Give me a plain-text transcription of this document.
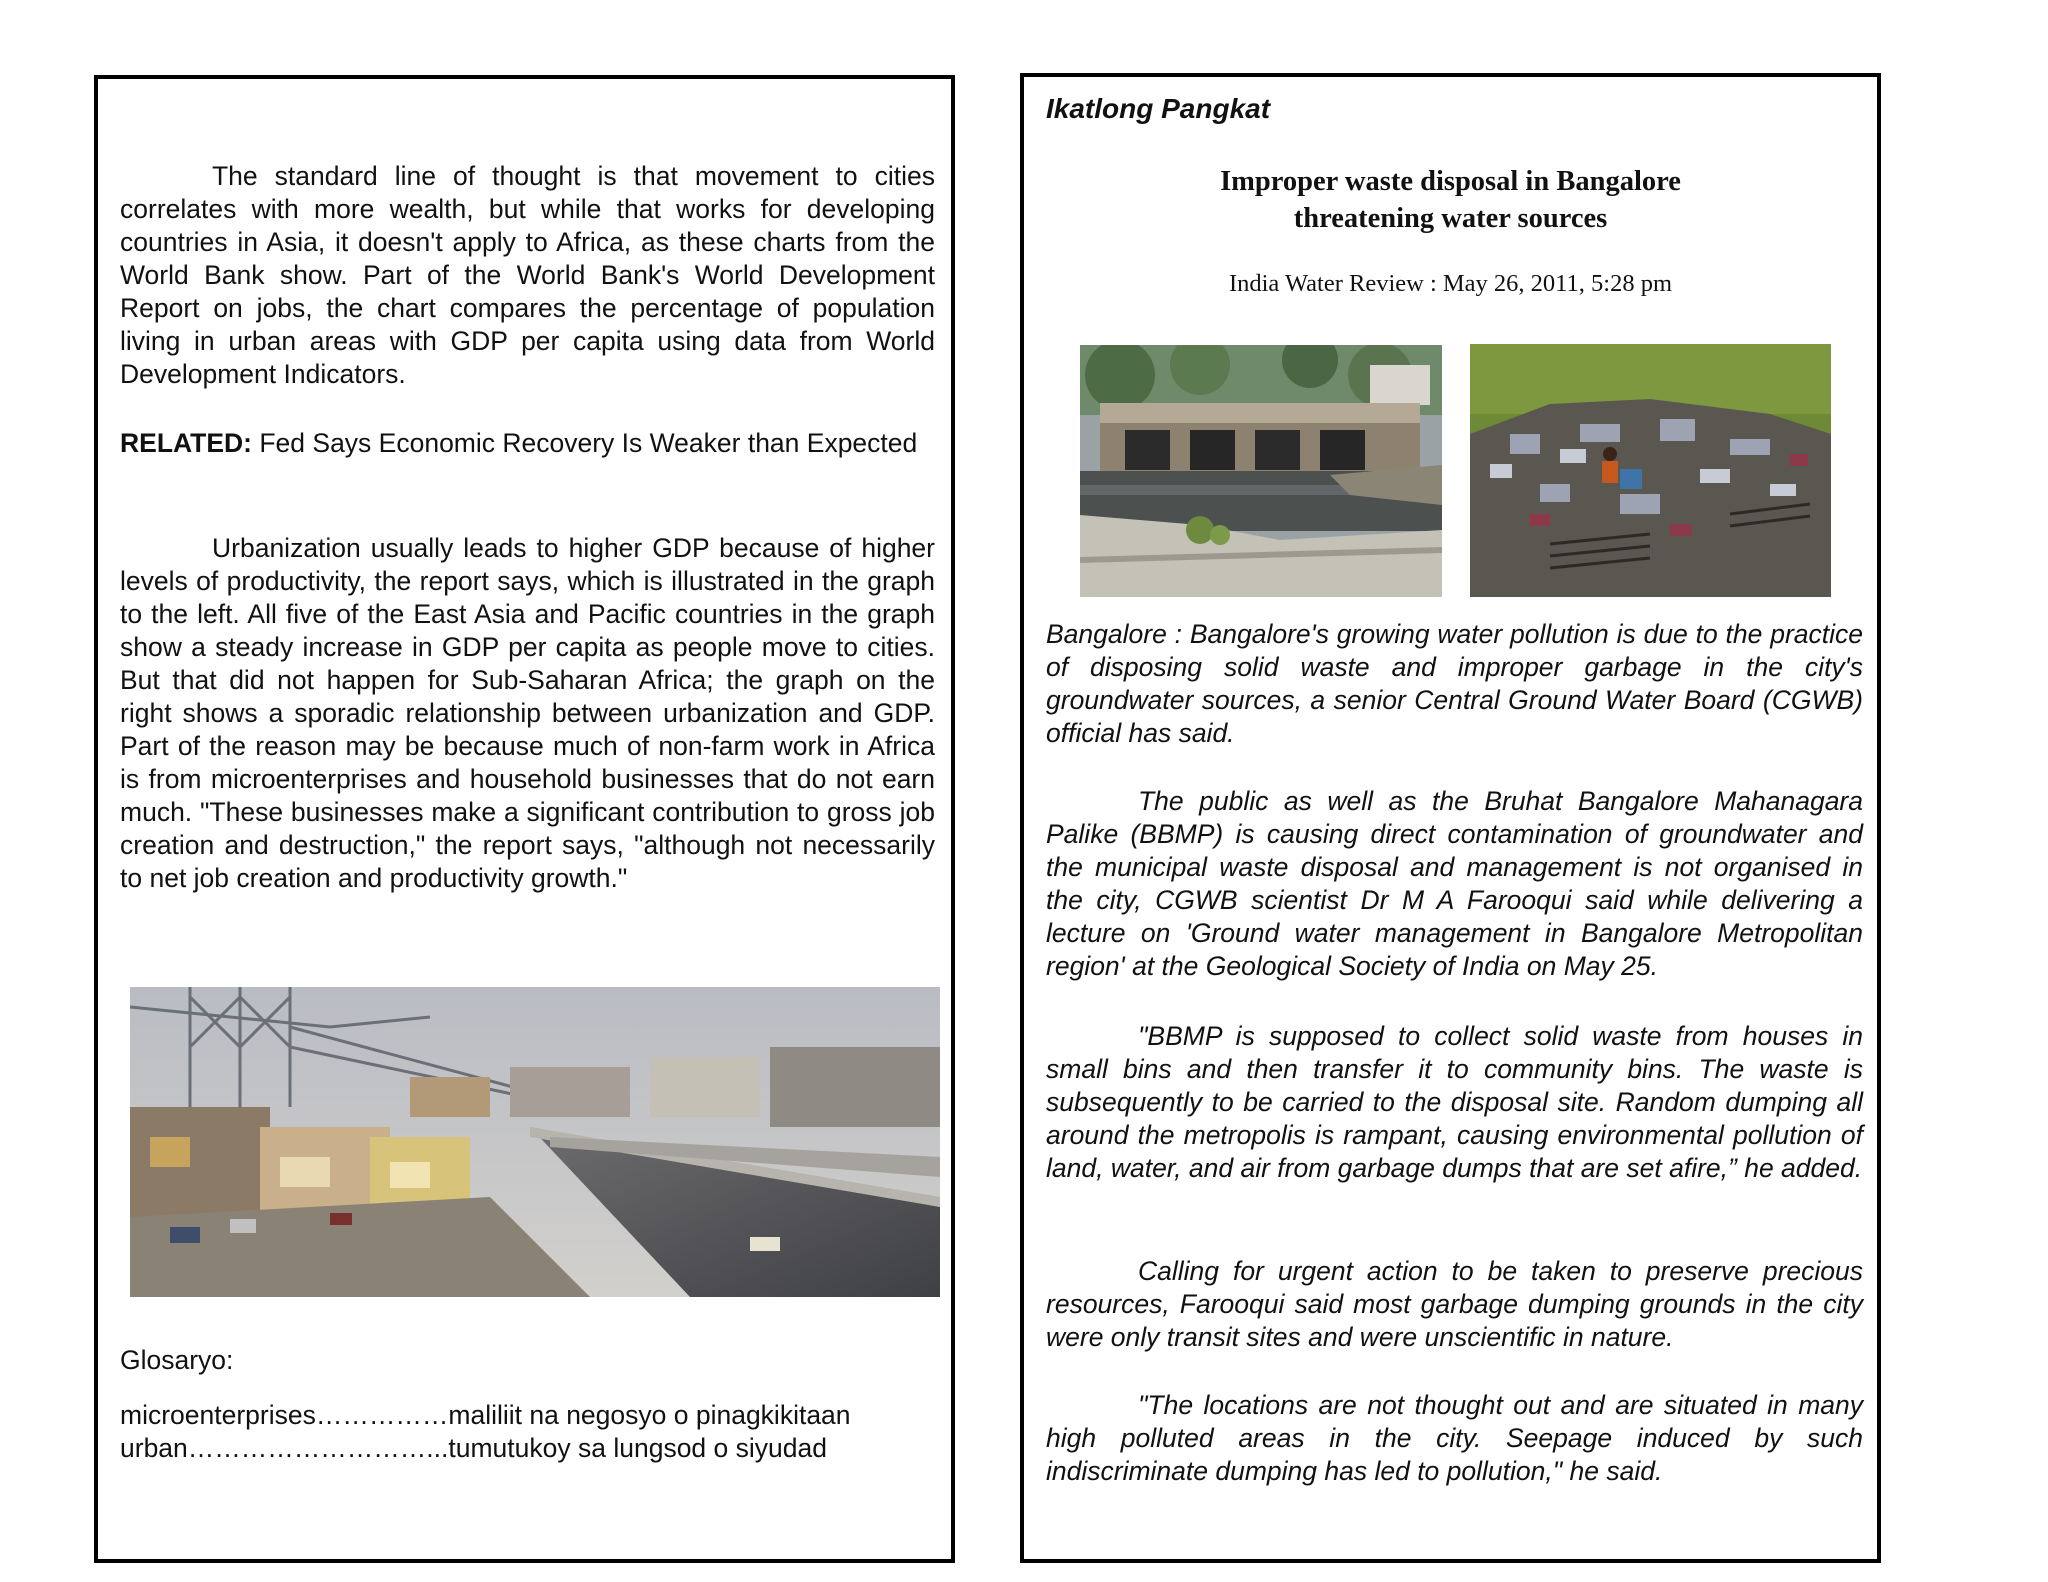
The standard line of thought is that movement to cities correlates with more wealth, but while that works for developing countries in Asia, it doesn't apply to Africa, as these charts from the World Bank show. Part of the World Bank's World Development Report on jobs, the chart compares the percentage of population living in urban areas with GDP per capita using data from World Development Indicators.

RELATED: Fed Says Economic Recovery Is Weaker than Expected

Urbanization usually leads to higher GDP because of higher levels of productivity, the report says, which is illustrated in the graph to the left. All five of the East Asia and Pacific countries in the graph show a steady increase in GDP per capita as people move to cities. But that did not happen for Sub-Saharan Africa; the graph on the right shows a sporadic relationship between urbanization and GDP. Part of the reason may be because much of non-farm work in Africa is from microenterprises and household businesses that do not earn much. "These businesses make a significant contribution to gross job creation and destruction," the report says, "although not necessarily to net job creation and productivity growth."

Glosaryo:
microenterprises……………maliliit na negosyo o pinagkikitaan
urban………………………...tumutukoy sa lungsod o siyudad
Ikatlong Pangkat
Improper waste disposal in Bangalore
threatening water sources
India Water Review : May 26, 2011, 5:28 pm

Bangalore : Bangalore's growing water pollution is due to the practice of disposing solid waste and improper garbage in the city's groundwater sources, a senior Central Ground Water Board (CGWB) official has said.

The public as well as the Bruhat Bangalore Mahanagara Palike (BBMP) is causing direct contamination of groundwater and the municipal waste disposal and management is not organised in the city, CGWB scientist Dr M A Farooqui said while delivering a lecture on 'Ground water management in Bangalore Metropolitan region' at the Geological Society of India on May 25.

"BBMP is supposed to collect solid waste from houses in small bins and then transfer it to community bins. The waste is subsequently to be carried to the disposal site. Random dumping all around the metropolis is rampant, causing environmental pollution of land, water, and air from garbage dumps that are set afire,” he added.

Calling for urgent action to be taken to preserve precious resources, Farooqui said most garbage dumping grounds in the city were only transit sites and were unscientific in nature.

"The locations are not thought out and are situated in many high polluted areas in the city. Seepage induced by such indiscriminate dumping has led to pollution," he said.
